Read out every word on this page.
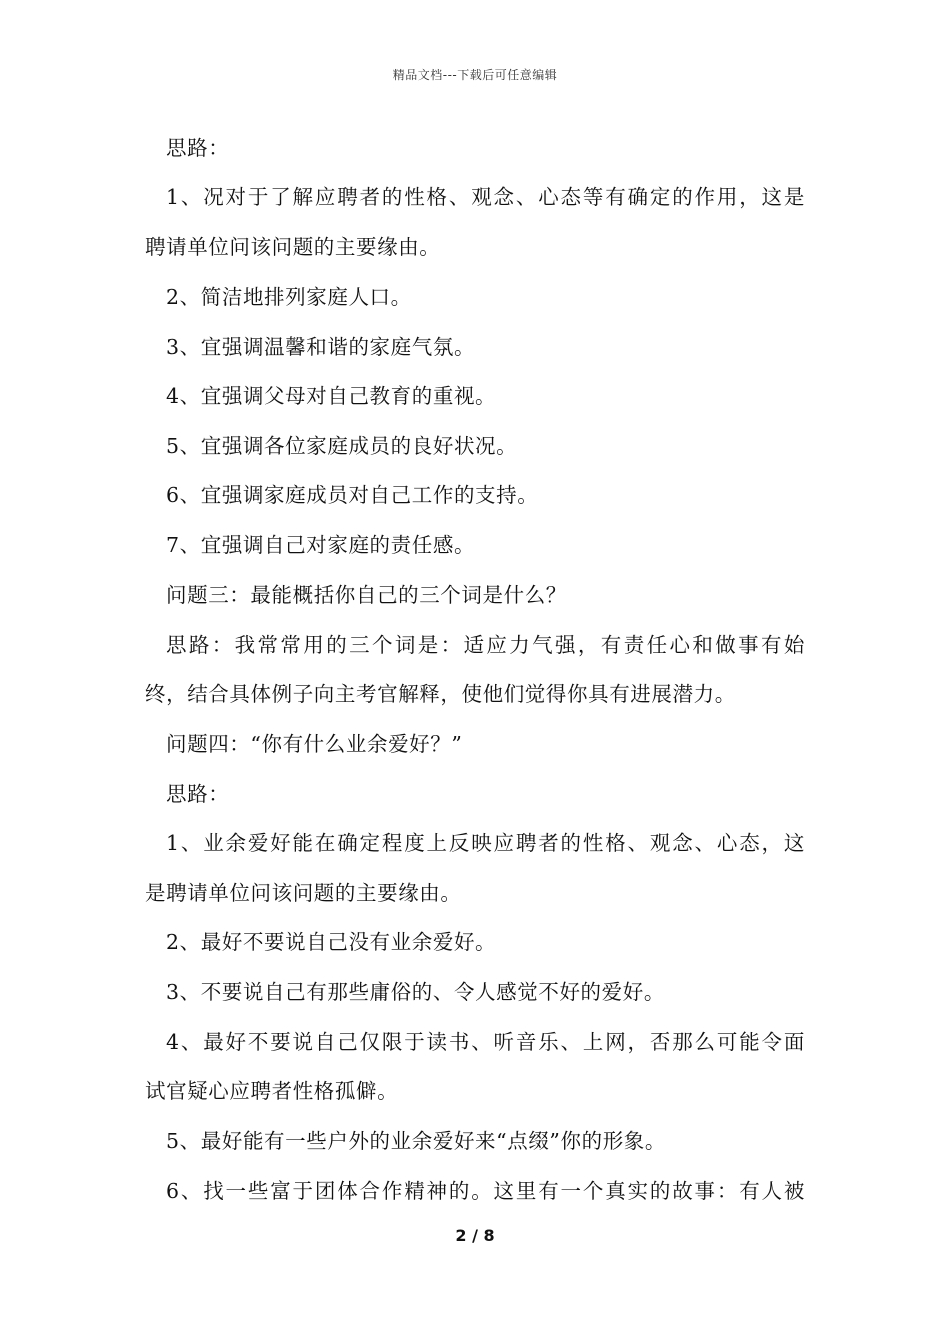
精品文档---下载后可任意编辑
思路：
1、况对于了解应聘者的性格、观念、心态等有确定的作用，这是
聘请单位问该问题的主要缘由。
2、简洁地排列家庭人口。
3、宜强调温馨和谐的家庭气氛。
4、宜强调父母对自己教育的重视。
5、宜强调各位家庭成员的良好状况。
6、宜强调家庭成员对自己工作的支持。
7、宜强调自己对家庭的责任感。
问题三：最能概括你自己的三个词是什么？
思路：我常常用的三个词是：适应力气强，有责任心和做事有始
终，结合具体例子向主考官解释，使他们觉得你具有进展潜力。
问题四：“你有什么业余爱好？”
思路：
1、业余爱好能在确定程度上反映应聘者的性格、观念、心态，这
是聘请单位问该问题的主要缘由。
2、最好不要说自己没有业余爱好。
3、不要说自己有那些庸俗的、令人感觉不好的爱好。
4、最好不要说自己仅限于读书、听音乐、上网，否那么可能令面
试官疑心应聘者性格孤僻。
5、最好能有一些户外的业余爱好来“点缀”你的形象。
6、找一些富于团体合作精神的。这里有一个真实的故事：有人被
2 / 8
